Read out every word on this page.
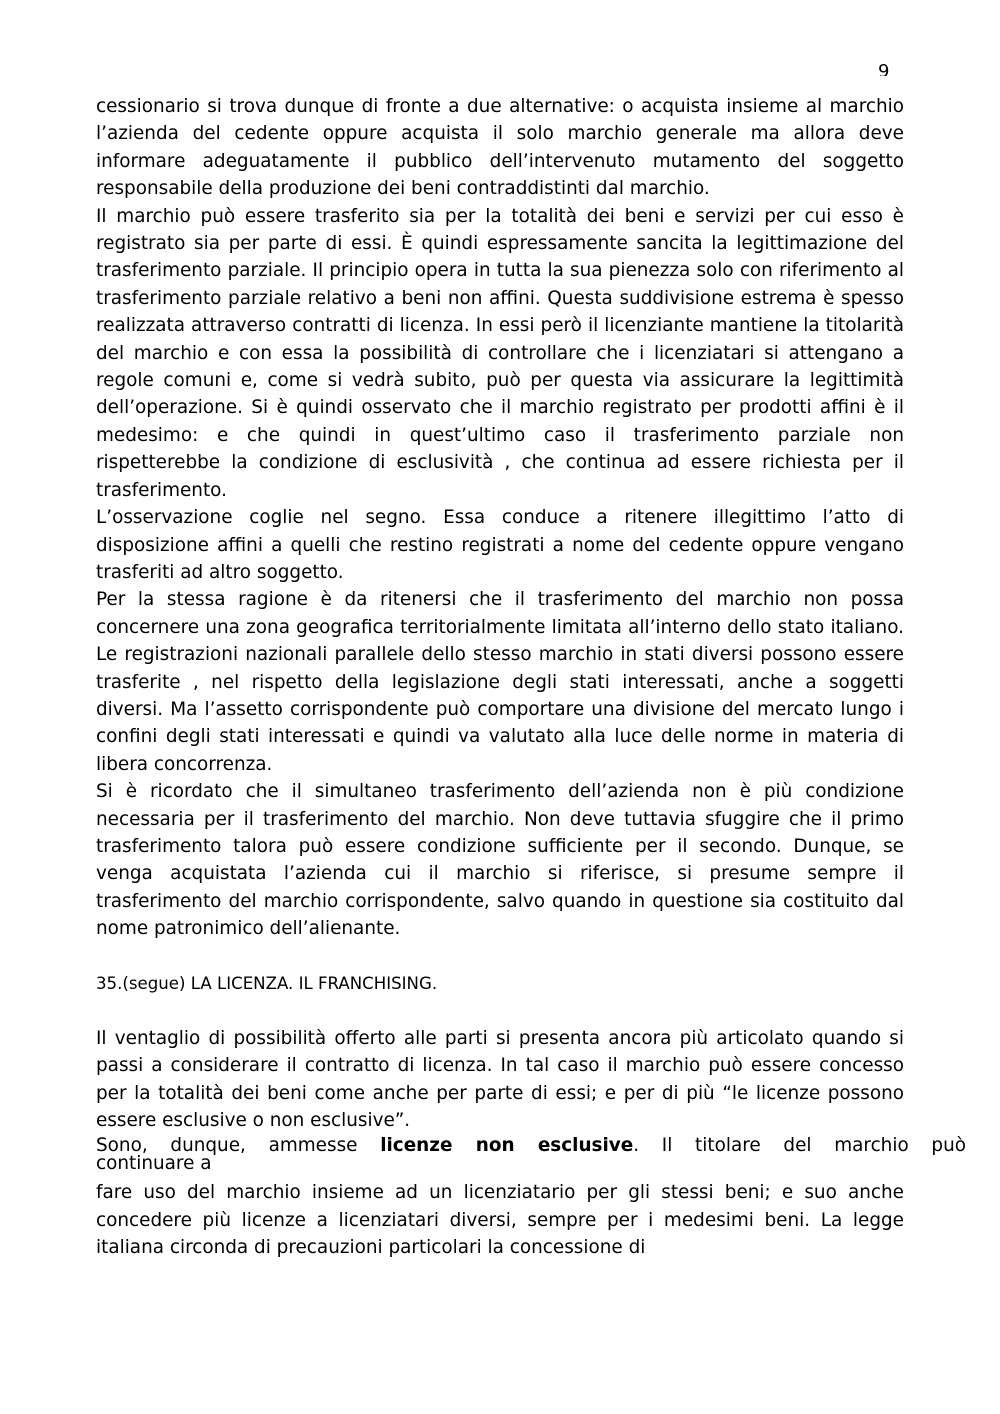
9

cessionario si trova dunque di fronte a due alternative: o acquista insieme al marchio l’azienda del cedente oppure acquista il solo marchio generale ma allora deve informare adeguatamente il pubblico dell’intervenuto mutamento del soggetto responsabile della produzione dei beni contraddistinti dal marchio.

Il marchio può essere trasferito sia per la totalità dei beni e servizi per cui esso è registrato sia per parte di essi. È quindi espressamente sancita la legittimazione del trasferimento parziale. Il principio opera in tutta la sua pienezza solo con riferimento al trasferimento parziale relativo a beni non affini. Questa suddivisione estrema è spesso realizzata attraverso contratti di licenza. In essi però il licenziante mantiene la titolarità del marchio e con essa la possibilità di controllare che i licenziatari si attengano a regole comuni e, come si vedrà subito, può per questa via assicurare la legittimità dell’operazione. Si è quindi osservato che il marchio registrato per prodotti affini è il medesimo: e che quindi in quest’ultimo caso il trasferimento parziale non rispetterebbe la condizione di esclusività , che continua ad essere richiesta per il trasferimento.

L’osservazione coglie nel segno. Essa conduce a ritenere illegittimo l’atto di disposizione affini a quelli che restino registrati a nome del cedente oppure vengano trasferiti ad altro soggetto.

Per la stessa ragione è da ritenersi che il trasferimento del marchio non possa concernere una zona geografica territorialmente limitata all’interno dello stato italiano. Le registrazioni nazionali parallele dello stesso marchio in stati diversi possono essere trasferite , nel rispetto della legislazione degli stati interessati, anche a soggetti diversi. Ma l’assetto corrispondente può comportare una divisione del mercato lungo i confini degli stati interessati e quindi va valutato alla luce delle norme in materia di libera concorrenza.

Si è ricordato che il simultaneo trasferimento dell’azienda non è più condizione necessaria per il trasferimento del marchio. Non deve tuttavia sfuggire che il primo trasferimento talora può essere condizione sufficiente per il secondo. Dunque, se venga acquistata l’azienda cui il marchio si riferisce, si presume sempre il trasferimento del marchio corrispondente, salvo quando in questione sia costituito dal nome patronimico dell’alienante.

35.(segue) LA LICENZA. IL FRANCHISING.

Il ventaglio di possibilità offerto alle parti si presenta ancora più articolato quando si passi a considerare il contratto di licenza. In tal caso il marchio può essere concesso per la totalità dei beni come anche per parte di essi; e per di più “le licenze possono essere esclusive o non esclusive”.

Sono, dunque, ammesse licenze non esclusive. Il titolare del marchio può

continuare a

fare uso del marchio insieme ad un licenziatario per gli stessi beni; e suo anche concedere più licenze a licenziatari diversi, sempre per i medesimi beni. La legge italiana circonda di precauzioni particolari la concessione di
